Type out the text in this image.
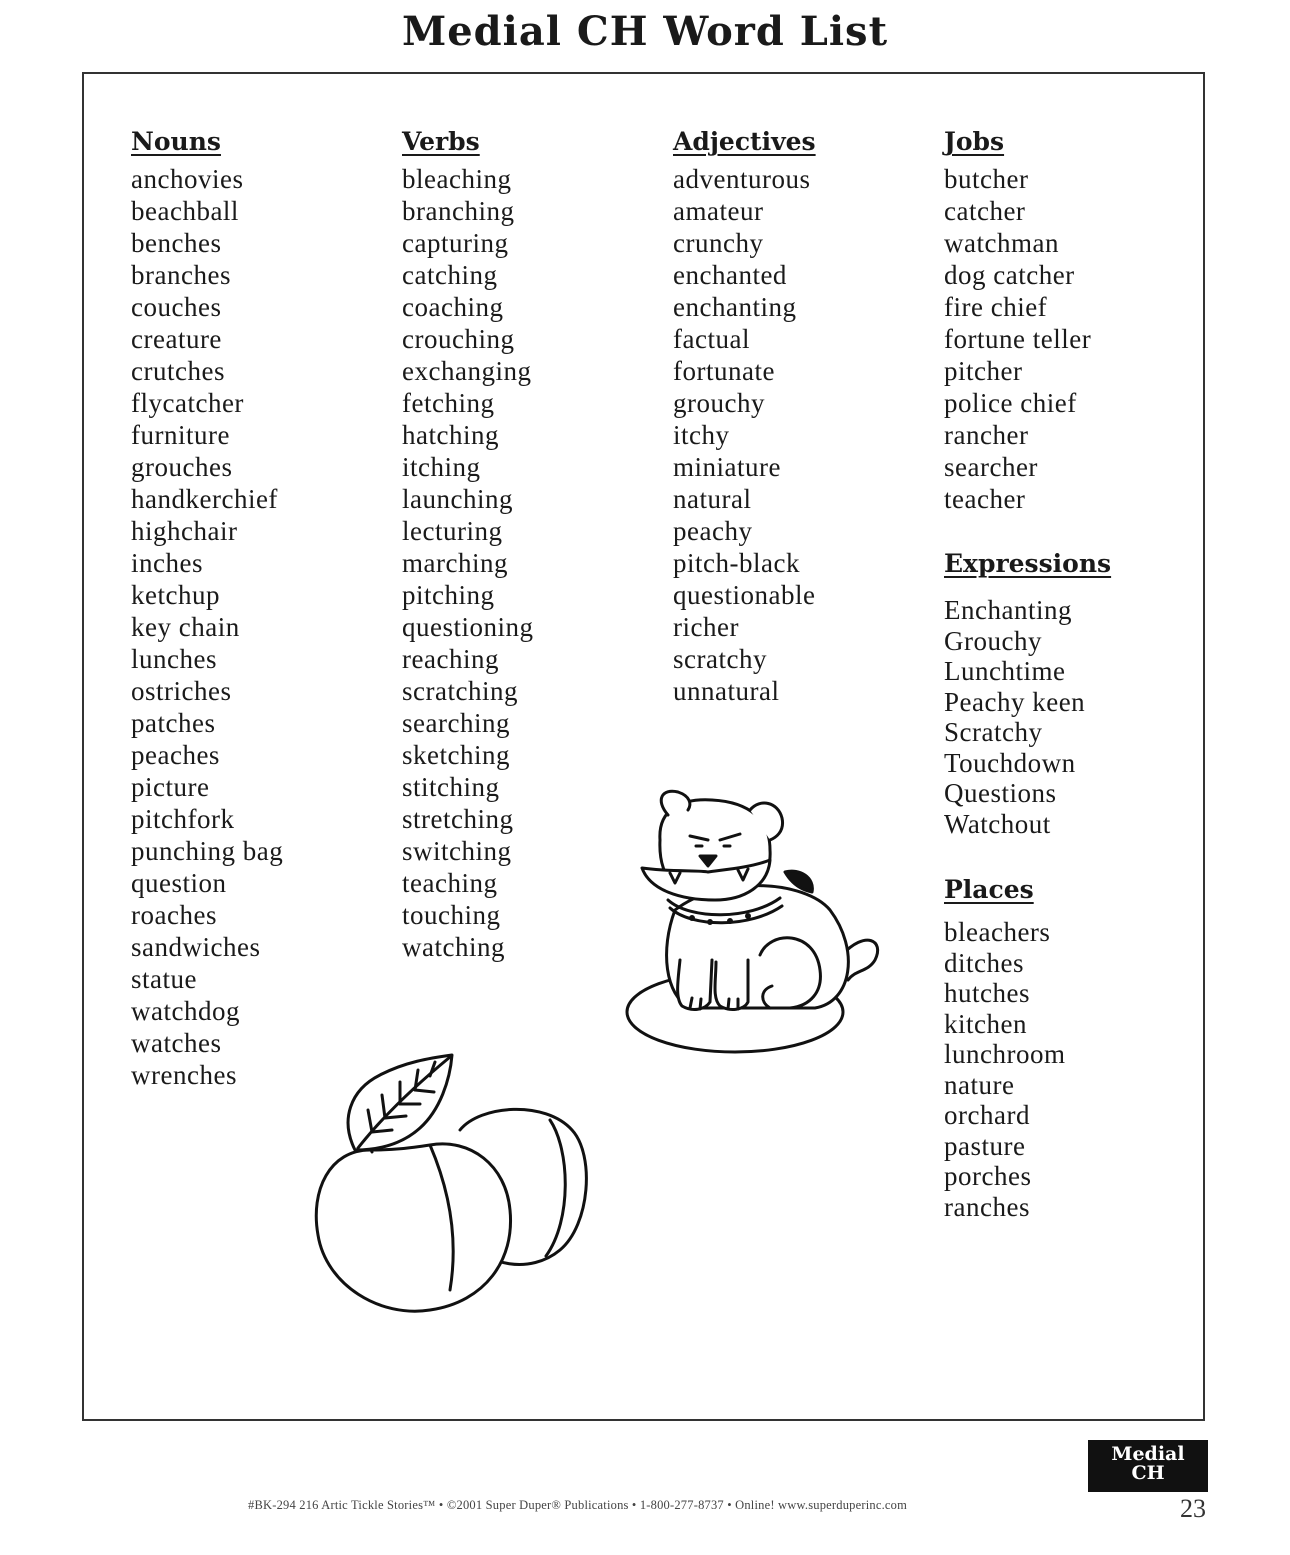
Medial CH Word List
Nouns
anchovies
beachball
benches
branches
couches
creature
crutches
flycatcher
furniture
grouches
handkerchief
highchair
inches
ketchup
key chain
lunches
ostriches
patches
peaches
picture
pitchfork
punching bag
question
roaches
sandwiches
statue
watchdog
watches
wrenches
Verbs
bleaching
branching
capturing
catching
coaching
crouching
exchanging
fetching
hatching
itching
launching
lecturing
marching
pitching
questioning
reaching
scratching
searching
sketching
stitching
stretching
switching
teaching
touching
watching
Adjectives
adventurous
amateur
crunchy
enchanted
enchanting
factual
fortunate
grouchy
itchy
miniature
natural
peachy
pitch-black
questionable
richer
scratchy
unnatural
Jobs
butcher
catcher
watchman
dog catcher
fire chief
fortune teller
pitcher
police chief
rancher
searcher
teacher
Expressions
Enchanting
Grouchy
Lunchtime
Peachy keen
Scratchy
Touchdown
Questions
Watchout
Places
bleachers
ditches
hutches
kitchen
lunchroom
nature
orchard
pasture
porches
ranches
Medial
CH
#BK-294 216 Artic Tickle Stories™ • ©2001 Super Duper® Publications • 1-800-277-8737 • Online! www.superduperinc.com	23
